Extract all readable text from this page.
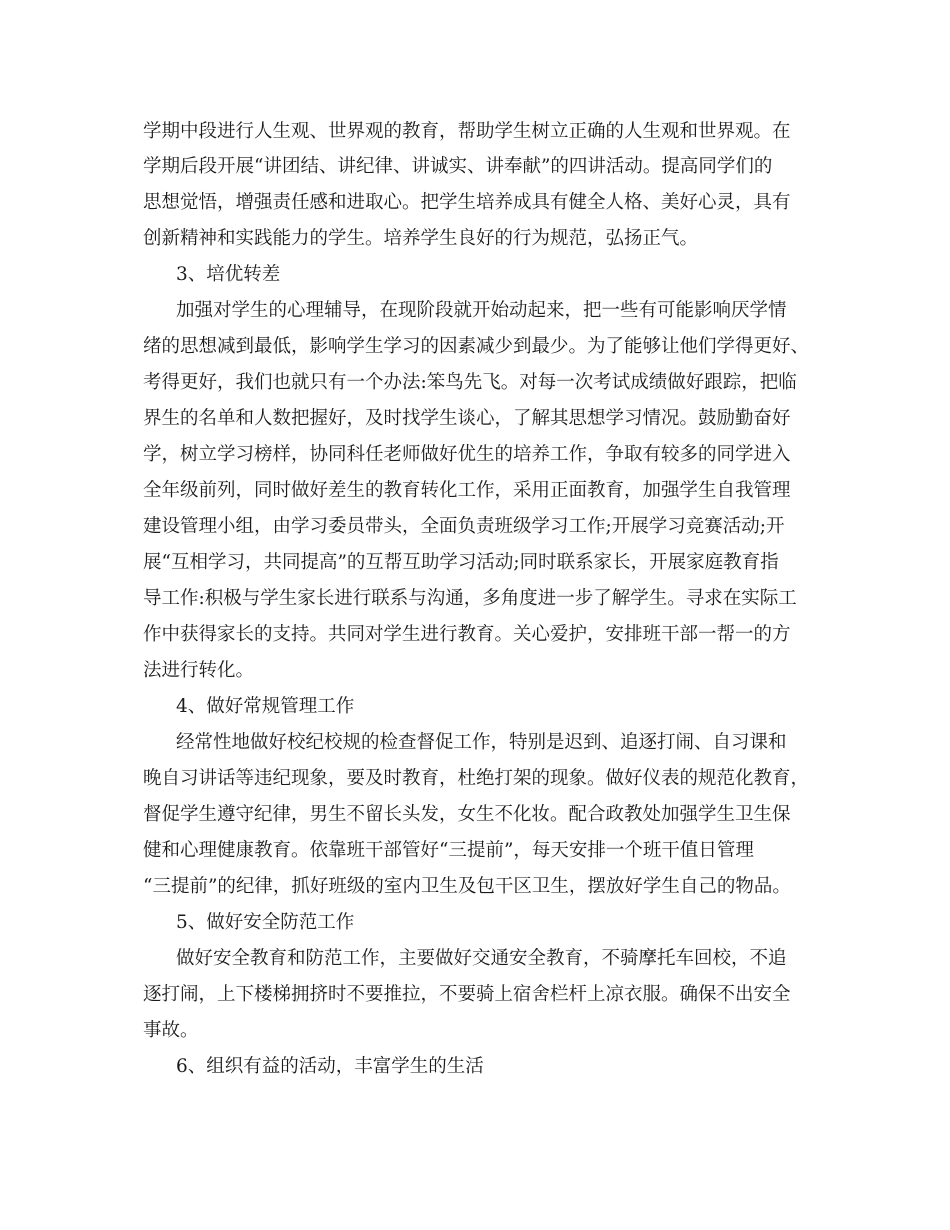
学期中段进行人生观、世界观的教育，帮助学生树立正确的人生观和世界观。在
学期后段开展“讲团结、讲纪律、讲诚实、讲奉献”的四讲活动。提高同学们的
思想觉悟，增强责任感和进取心。把学生培养成具有健全人格、美好心灵，具有
创新精神和实践能力的学生。培养学生良好的行为规范，弘扬正气。
3、培优转差
加强对学生的心理辅导，在现阶段就开始动起来，把一些有可能影响厌学情
绪的思想减到最低，影响学生学习的因素减少到最少。为了能够让他们学得更好、
考得更好，我们也就只有一个办法:笨鸟先飞。对每一次考试成绩做好跟踪，把临
界生的名单和人数把握好，及时找学生谈心，了解其思想学习情况。鼓励勤奋好
学，树立学习榜样，协同科任老师做好优生的培养工作，争取有较多的同学进入
全年级前列，同时做好差生的教育转化工作，采用正面教育，加强学生自我管理
建设管理小组，由学习委员带头，全面负责班级学习工作;开展学习竞赛活动;开
展“互相学习，共同提高”的互帮互助学习活动;同时联系家长，开展家庭教育指
导工作:积极与学生家长进行联系与沟通，多角度进一步了解学生。寻求在实际工
作中获得家长的支持。共同对学生进行教育。关心爱护，安排班干部一帮一的方
法进行转化。
4、做好常规管理工作
经常性地做好校纪校规的检查督促工作，特别是迟到、追逐打闹、自习课和
晚自习讲话等违纪现象，要及时教育，杜绝打架的现象。做好仪表的规范化教育，
督促学生遵守纪律，男生不留长头发，女生不化妆。配合政教处加强学生卫生保
健和心理健康教育。依靠班干部管好“三提前”，每天安排一个班干值日管理
“三提前”的纪律，抓好班级的室内卫生及包干区卫生，摆放好学生自己的物品。
5、做好安全防范工作
做好安全教育和防范工作，主要做好交通安全教育，不骑摩托车回校，不追
逐打闹，上下楼梯拥挤时不要推拉，不要骑上宿舍栏杆上凉衣服。确保不出安全
事故。
6、组织有益的活动，丰富学生的生活
